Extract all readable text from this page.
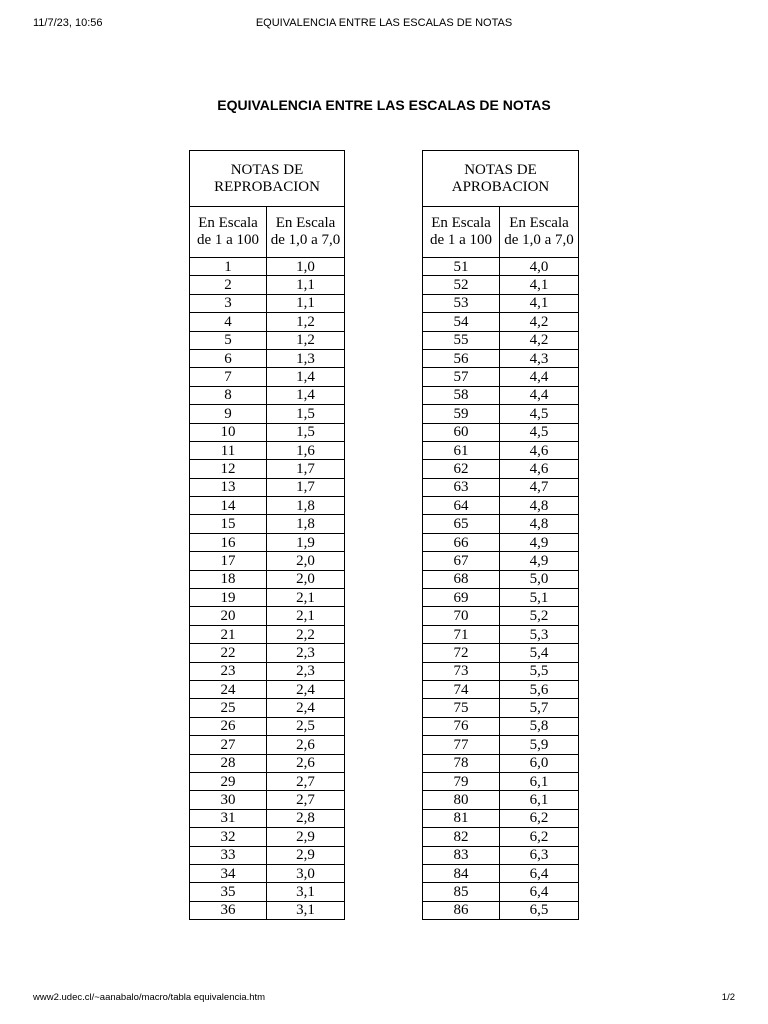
11/7/23, 10:56	EQUIVALENCIA ENTRE LAS ESCALAS DE NOTAS
EQUIVALENCIA ENTRE LAS ESCALAS DE NOTAS
NOTAS DE
REPROBACION	
En Escala
de 1 a 100	En Escala
de 1,0 a 7,0
1	1,0
2	1,1
3	1,1
4	1,2
5	1,2
6	1,3
7	1,4
8	1,4
9	1,5
10	1,5
11	1,6
12	1,7
13	1,7
14	1,8
15	1,8
16	1,9
17	2,0
18	2,0
19	2,1
20	2,1
21	2,2
22	2,3
23	2,3
24	2,4
25	2,4
26	2,5
27	2,6
28	2,6
29	2,7
30	2,7
31	2,8
32	2,9
33	2,9
34	3,0
35	3,1
36	3,1
NOTAS DE
APROBACION	
En Escala
de 1 a 100	En Escala
de 1,0 a 7,0
51	4,0
52	4,1
53	4,1
54	4,2
55	4,2
56	4,3
57	4,4
58	4,4
59	4,5
60	4,5
61	4,6
62	4,6
63	4,7
64	4,8
65	4,8
66	4,9
67	4,9
68	5,0
69	5,1
70	5,2
71	5,3
72	5,4
73	5,5
74	5,6
75	5,7
76	5,8
77	5,9
78	6,0
79	6,1
80	6,1
81	6,2
82	6,2
83	6,3
84	6,4
85	6,4
86	6,5
www2.udec.cl/~aanabalo/macro/tabla equivalencia.htm	1/2
